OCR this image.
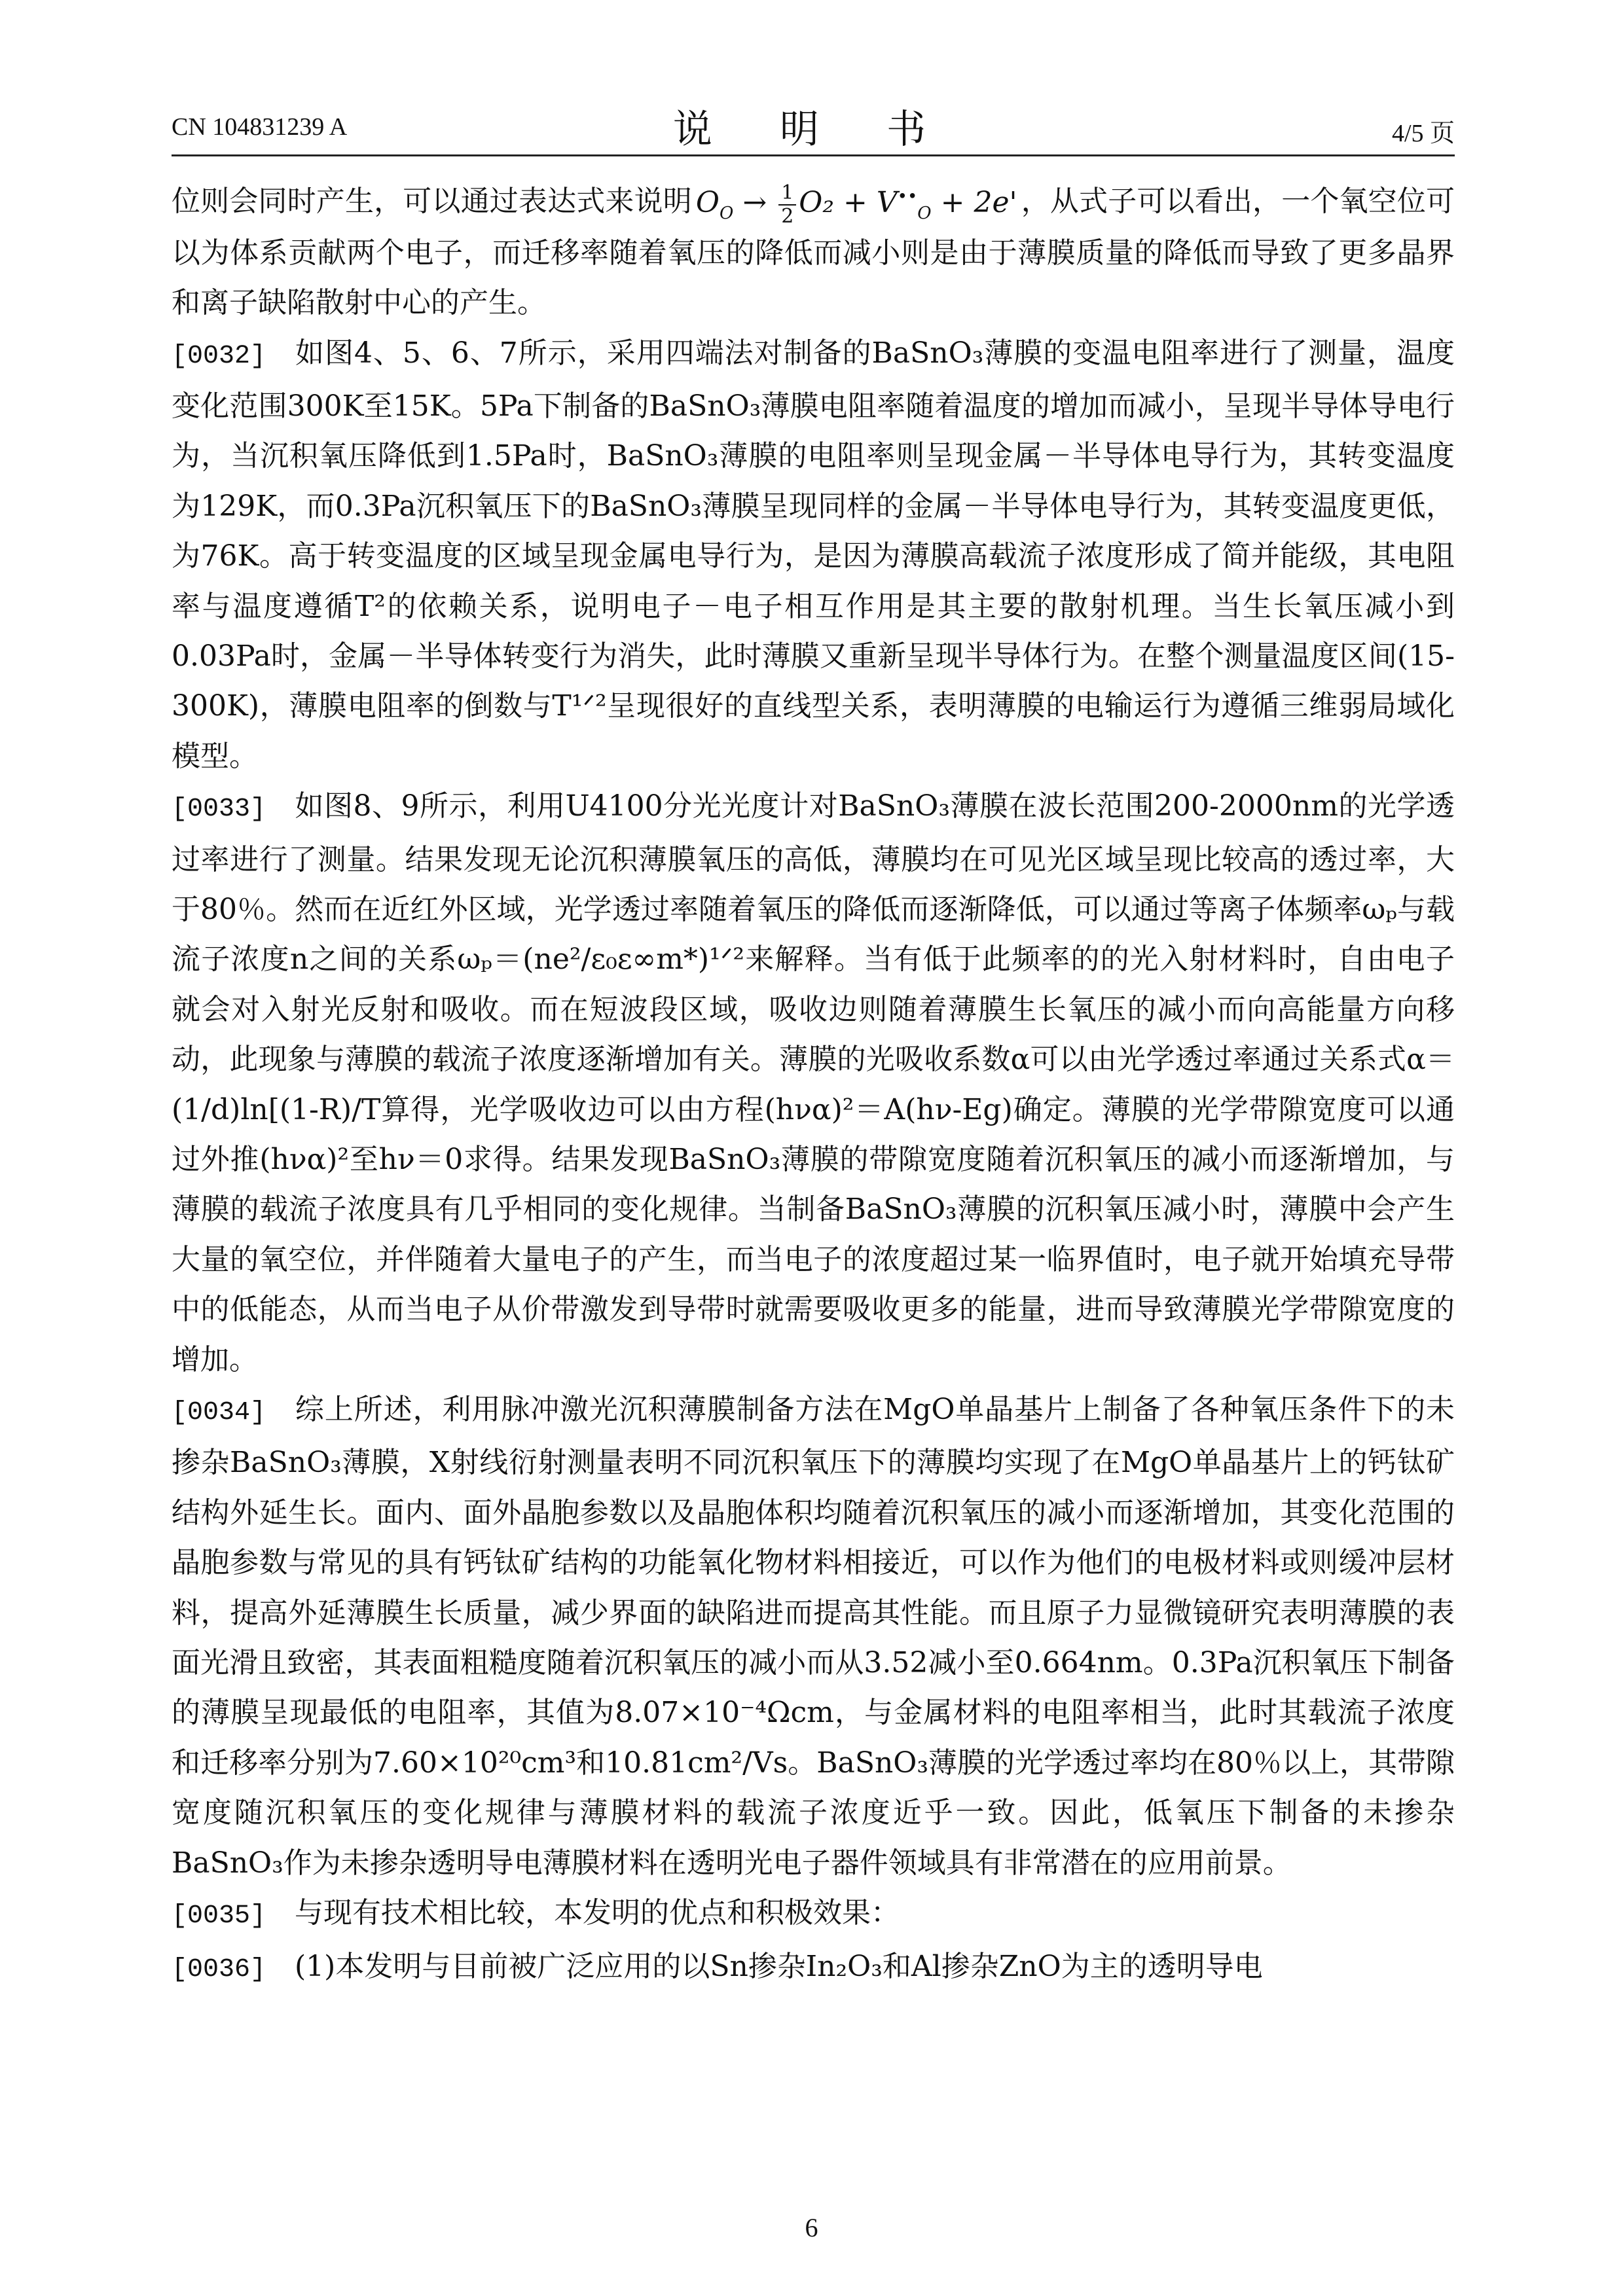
CN 104831239 A	说 明 书	4/5 页

位则会同时产生，可以通过表达式来说明 $O_O \to \frac{1}{2} O_2 + V^{••}_O + 2e'$ ，从式子可以看出，一个氧空位可以为体系贡献两个电子，而迁移率随着氧压的降低而减小则是由于薄膜质量的降低而导致了更多晶界和离子缺陷散射中心的产生。

[0032] 如图4、5、6、7所示，采用四端法对制备的BaSnO₃薄膜的变温电阻率进行了测量，温度变化范围300K至15K。5Pa下制备的BaSnO₃薄膜电阻率随着温度的增加而减小，呈现半导体导电行为，当沉积氧压降低到1.5Pa时，BaSnO₃薄膜的电阻率则呈现金属－半导体电导行为，其转变温度为129K，而0.3Pa沉积氧压下的BaSnO₃薄膜呈现同样的金属－半导体电导行为，其转变温度更低，为76K。高于转变温度的区域呈现金属电导行为，是因为薄膜高载流子浓度形成了简并能级，其电阻率与温度遵循T²的依赖关系，说明电子－电子相互作用是其主要的散射机理。当生长氧压减小到0.03Pa时，金属－半导体转变行为消失，此时薄膜又重新呈现半导体行为。在整个测量温度区间(15-300K)，薄膜电阻率的倒数与T¹ᐟ²呈现很好的直线型关系，表明薄膜的电输运行为遵循三维弱局域化模型。

[0033] 如图8、9所示，利用U4100分光光度计对BaSnO₃薄膜在波长范围200-2000nm的光学透过率进行了测量。结果发现无论沉积薄膜氧压的高低，薄膜均在可见光区域呈现比较高的透过率，大于80％。然而在近红外区域，光学透过率随着氧压的降低而逐渐降低，可以通过等离子体频率ωₚ与载流子浓度n之间的关系ωₚ＝(ne²/ε₀ε∞m*)¹ᐟ²来解释。当有低于此频率的的光入射材料时，自由电子就会对入射光反射和吸收。而在短波段区域，吸收边则随着薄膜生长氧压的减小而向高能量方向移动，此现象与薄膜的载流子浓度逐渐增加有关。薄膜的光吸收系数α可以由光学透过率通过关系式α＝(1/d)ln[(1-R)/T算得，光学吸收边可以由方程(hνα)²＝A(hν-Eg)确定。薄膜的光学带隙宽度可以通过外推(hνα)²至hν＝0求得。结果发现BaSnO₃薄膜的带隙宽度随着沉积氧压的减小而逐渐增加，与薄膜的载流子浓度具有几乎相同的变化规律。当制备BaSnO₃薄膜的沉积氧压减小时，薄膜中会产生大量的氧空位，并伴随着大量电子的产生，而当电子的浓度超过某一临界值时，电子就开始填充导带中的低能态，从而当电子从价带激发到导带时就需要吸收更多的能量，进而导致薄膜光学带隙宽度的增加。

[0034] 综上所述，利用脉冲激光沉积薄膜制备方法在MgO单晶基片上制备了各种氧压条件下的未掺杂BaSnO₃薄膜，X射线衍射测量表明不同沉积氧压下的薄膜均实现了在MgO单晶基片上的钙钛矿结构外延生长。面内、面外晶胞参数以及晶胞体积均随着沉积氧压的减小而逐渐增加，其变化范围的晶胞参数与常见的具有钙钛矿结构的功能氧化物材料相接近，可以作为他们的电极材料或则缓冲层材料，提高外延薄膜生长质量，减少界面的缺陷进而提高其性能。而且原子力显微镜研究表明薄膜的表面光滑且致密，其表面粗糙度随着沉积氧压的减小而从3.52减小至0.664nm。0.3Pa沉积氧压下制备的薄膜呈现最低的电阻率，其值为8.07×10⁻⁴Ωcm，与金属材料的电阻率相当，此时其载流子浓度和迁移率分别为7.60×10²⁰cm³和10.81cm²/Vs。BaSnO₃薄膜的光学透过率均在80％以上，其带隙宽度随沉积氧压的变化规律与薄膜材料的载流子浓度近乎一致。因此，低氧压下制备的未掺杂BaSnO₃作为未掺杂透明导电薄膜材料在透明光电子器件领域具有非常潜在的应用前景。

[0035] 与现有技术相比较，本发明的优点和积极效果：

[0036] (1)本发明与目前被广泛应用的以Sn掺杂In₂O₃和Al掺杂ZnO为主的透明导电

6
